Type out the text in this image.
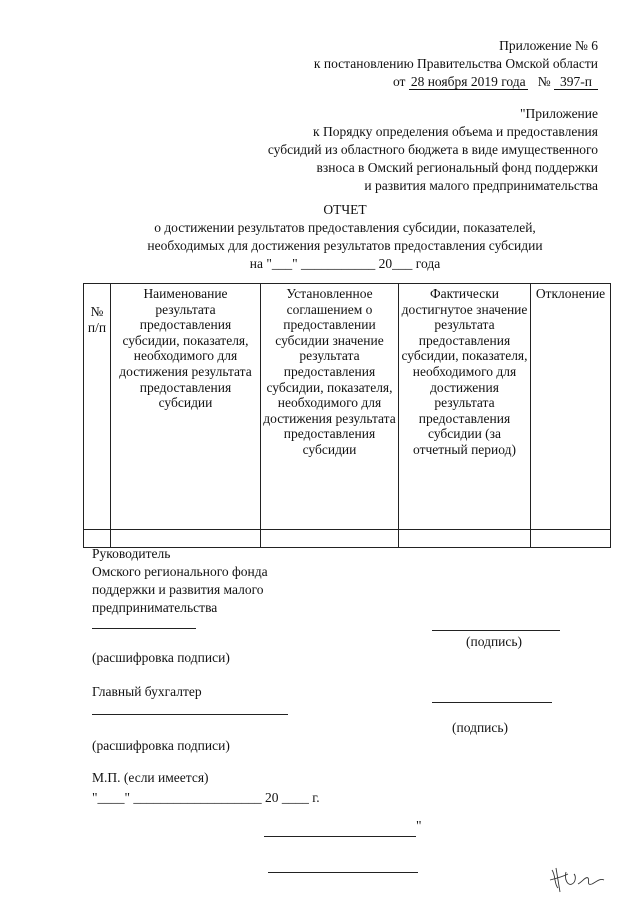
Приложение № 6
к постановлению Правительства Омской области
от 28 ноября 2019 года № 397-п
"Приложение
к Порядку определения объема и предоставления
субсидий из областного бюджета в виде имущественного
взноса в Омский региональный фонд поддержки
и развития малого предпринимательства
ОТЧЕТ
о достижении результатов предоставления субсидии, показателей,
необходимых для достижения результатов предоставления субсидии
на "___" ___________ 20___ года
№ п/п	Наименование результата предоставления субсидии, показателя, необходимого для достижения результата предоставления субсидии	Установленное соглашением о предоставлении субсидии значение результата предоставления субсидии, показателя, необходимого для достижения результата предоставления субсидии	Фактически достигнутое значение результата предоставления субсидии, показателя, необходимого для достижения результата предоставления субсидии (за отчетный период)	Отклонение

Руководитель
Омского регионального фонда
поддержки и развития малого
предпринимательства
(подпись)
(расшифровка подписи)
Главный бухгалтер
(подпись)
(расшифровка подписи)
М.П. (если имеется)
"____" ___________________ 20 ____ г.
"
